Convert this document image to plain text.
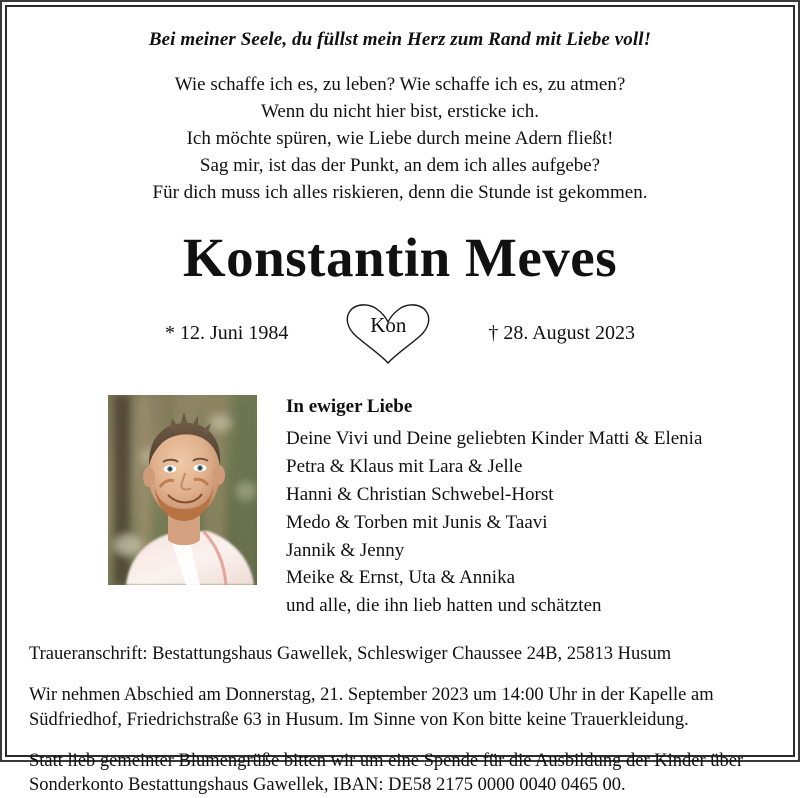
Bei meiner Seele, du füllst mein Herz zum Rand mit Liebe voll!
Wie schaffe ich es, zu leben? Wie schaffe ich es, zu atmen?
Wenn du nicht hier bist, ersticke ich.
Ich möchte spüren, wie Liebe durch meine Adern fließt!
Sag mir, ist das der Punkt, an dem ich alles aufgebe?
Für dich muss ich alles riskieren, denn die Stunde ist gekommen.
Konstantin Meves
* 12. Juni 1984	Kon	† 28. August 2023
In ewiger Liebe
Deine Vivi und Deine geliebten Kinder Matti & Elenia
Petra & Klaus mit Lara & Jelle
Hanni & Christian Schwebel-Horst
Medo & Torben mit Junis & Taavi
Jannik & Jenny
Meike & Ernst, Uta & Annika
und alle, die ihn lieb hatten und schätzten

Traueranschrift: Bestattungshaus Gawellek, Schleswiger Chaussee 24B, 25813 Husum

Wir nehmen Abschied am Donnerstag, 21. September 2023 um 14:00 Uhr in der Kapelle am Südfriedhof, Friedrichstraße 63 in Husum. Im Sinne von Kon bitte keine Trauerkleidung.

Statt lieb gemeinter Blumengrüße bitten wir um eine Spende für die Ausbildung der Kinder über Sonderkonto Bestattungshaus Gawellek, IBAN: DE58 2175 0000 0040 0465 00.
